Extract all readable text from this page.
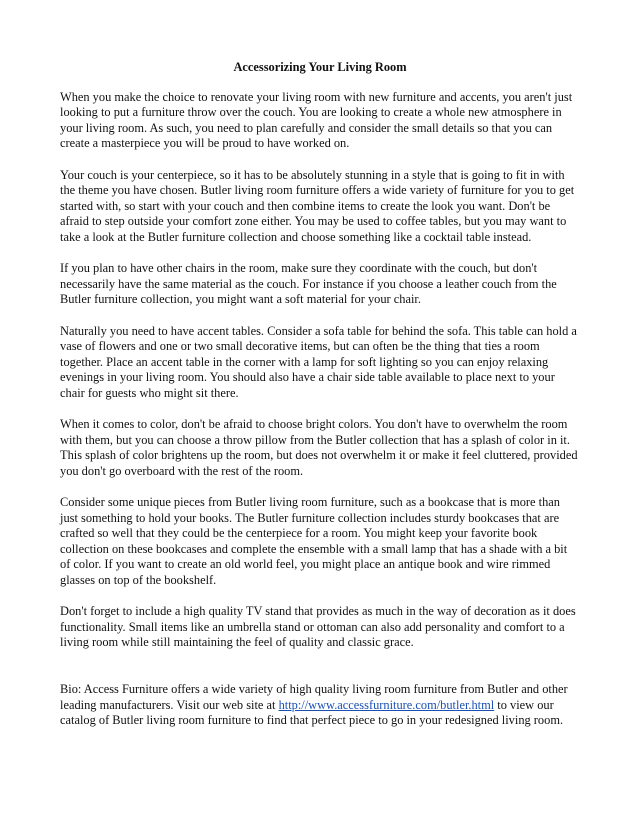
Accessorizing Your Living Room

When you make the choice to renovate your living room with new furniture and accents, you aren't just looking to put a furniture throw over the couch. You are looking to create a whole new atmosphere in your living room. As such, you need to plan carefully and consider the small details so that you can create a masterpiece you will be proud to have worked on.

Your couch is your centerpiece, so it has to be absolutely stunning in a style that is going to fit in with the theme you have chosen. Butler living room furniture offers a wide variety of furniture for you to get started with, so start with your couch and then combine items to create the look you want. Don't be afraid to step outside your comfort zone either. You may be used to coffee tables, but you may want to take a look at the Butler furniture collection and choose something like a cocktail table instead.

If you plan to have other chairs in the room, make sure they coordinate with the couch, but don't necessarily have the same material as the couch. For instance if you choose a leather couch from the Butler furniture collection, you might want a soft material for your chair.

Naturally you need to have accent tables. Consider a sofa table for behind the sofa. This table can hold a vase of flowers and one or two small decorative items, but can often be the thing that ties a room together. Place an accent table in the corner with a lamp for soft lighting so you can enjoy relaxing evenings in your living room. You should also have a chair side table available to place next to your chair for guests who might sit there.

When it comes to color, don't be afraid to choose bright colors. You don't have to overwhelm the room with them, but you can choose a throw pillow from the Butler collection that has a splash of color in it. This splash of color brightens up the room, but does not overwhelm it or make it feel cluttered, provided you don't go overboard with the rest of the room.

Consider some unique pieces from Butler living room furniture, such as a bookcase that is more than just something to hold your books. The Butler furniture collection includes sturdy bookcases that are crafted so well that they could be the centerpiece for a room. You might keep your favorite book collection on these bookcases and complete the ensemble with a small lamp that has a shade with a bit of color. If you want to create an old world feel, you might place an antique book and wire rimmed glasses on top of the bookshelf.

Don't forget to include a high quality TV stand that provides as much in the way of decoration as it does functionality. Small items like an umbrella stand or ottoman can also add personality and comfort to a living room while still maintaining the feel of quality and classic grace.

Bio: Access Furniture offers a wide variety of high quality living room furniture from Butler and other leading manufacturers. Visit our web site at http://www.accessfurniture.com/butler.html to view our catalog of Butler living room furniture to find that perfect piece to go in your redesigned living room.
